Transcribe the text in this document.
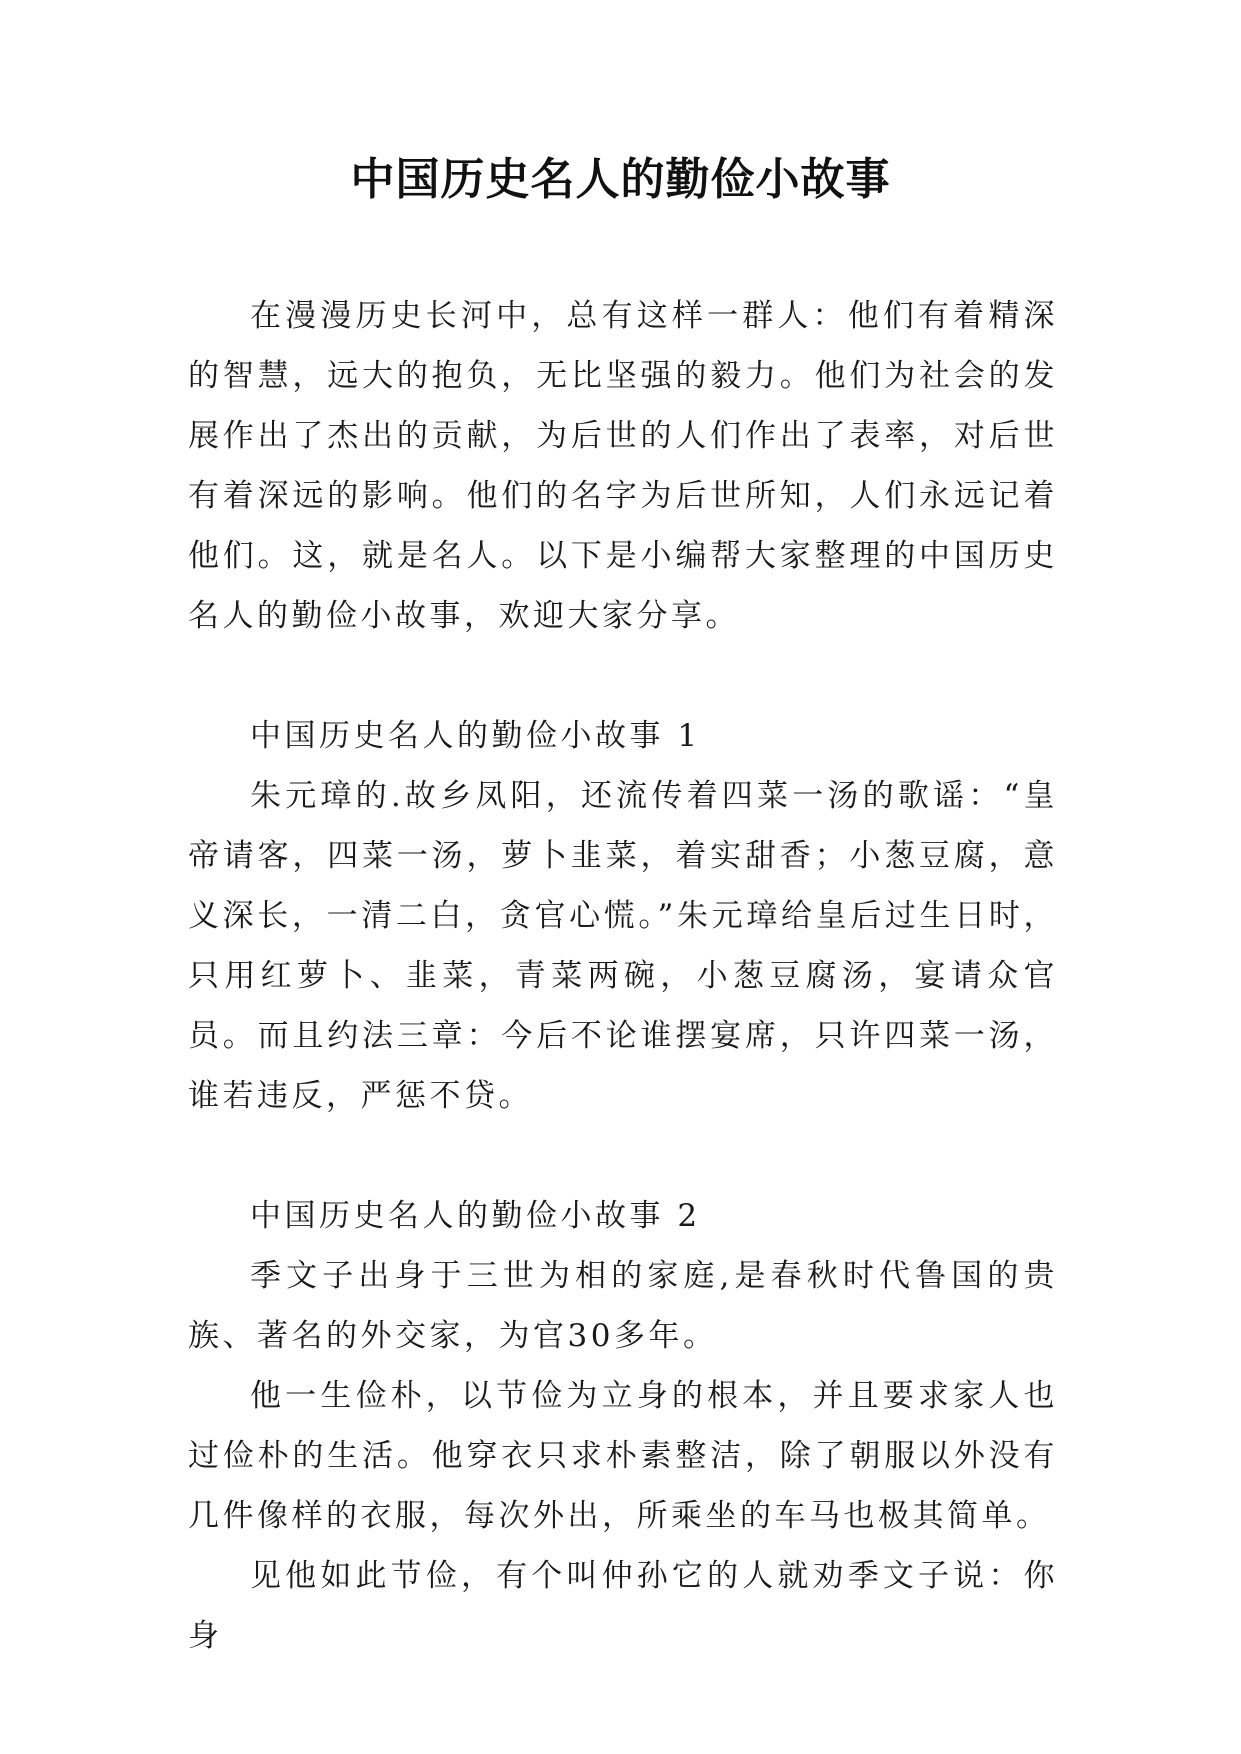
中国历史名人的勤俭小故事

在漫漫历史长河中，总有这样一群人：他们有着精深的智慧，远大的抱负，无比坚强的毅力。他们为社会的发展作出了杰出的贡献，为后世的人们作出了表率，对后世有着深远的影响。他们的名字为后世所知，人们永远记着他们。这，就是名人。以下是小编帮大家整理的中国历史名人的勤俭小故事，欢迎大家分享。

中国历史名人的勤俭小故事 1

朱元璋的.故乡凤阳，还流传着四菜一汤的歌谣：“皇帝请客，四菜一汤，萝卜韭菜，着实甜香；小葱豆腐，意义深长，一清二白，贪官心慌。”朱元璋给皇后过生日时，只用红萝卜、韭菜，青菜两碗，小葱豆腐汤，宴请众官员。而且约法三章：今后不论谁摆宴席，只许四菜一汤，谁若违反，严惩不贷。

中国历史名人的勤俭小故事 2

季文子出身于三世为相的家庭,是春秋时代鲁国的贵族、著名的外交家，为官30多年。

他一生俭朴，以节俭为立身的根本，并且要求家人也过俭朴的生活。他穿衣只求朴素整洁，除了朝服以外没有几件像样的衣服，每次外出，所乘坐的车马也极其简单。

见他如此节俭，有个叫仲孙它的人就劝季文子说：你身
